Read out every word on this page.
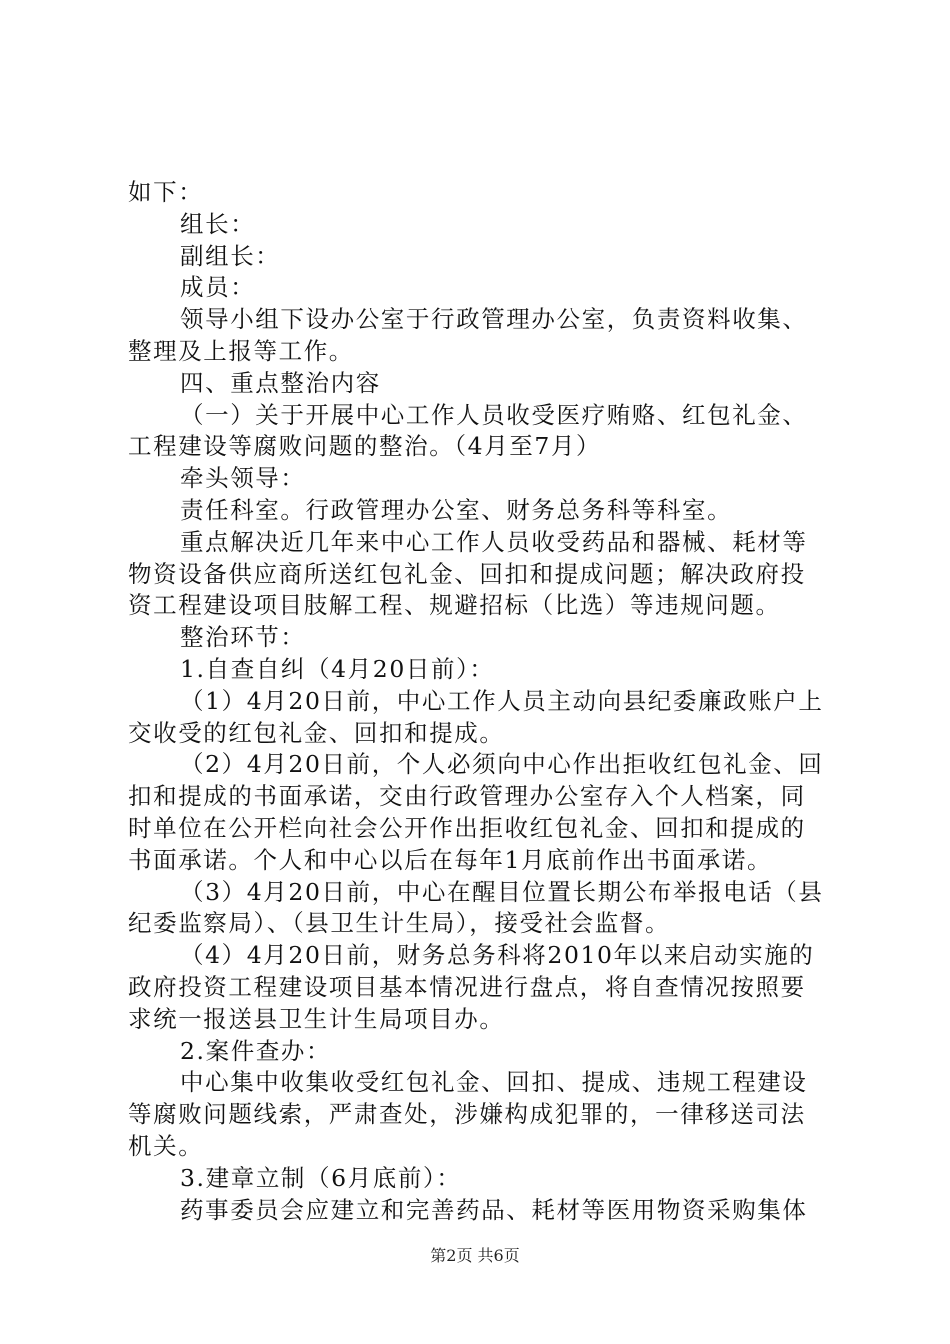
如下：
组长：
副组长：
成员：
领导小组下设办公室于行政管理办公室，负责资料收集、
整理及上报等工作。
四、重点整治内容
（一）关于开展中心工作人员收受医疗贿赂、红包礼金、
工程建设等腐败问题的整治。（4月至7月）
牵头领导：
责任科室。行政管理办公室、财务总务科等科室。
重点解决近几年来中心工作人员收受药品和器械、耗材等
物资设备供应商所送红包礼金、回扣和提成问题；解决政府投
资工程建设项目肢解工程、规避招标（比选）等违规问题。
整治环节：
1.自查自纠（4月20日前）：
（1）4月20日前，中心工作人员主动向县纪委廉政账户上
交收受的红包礼金、回扣和提成。
（2）4月20日前，个人必须向中心作出拒收红包礼金、回
扣和提成的书面承诺，交由行政管理办公室存入个人档案，同
时单位在公开栏向社会公开作出拒收红包礼金、回扣和提成的
书面承诺。个人和中心以后在每年1月底前作出书面承诺。
（3）4月20日前，中心在醒目位置长期公布举报电话（县
纪委监察局）、（县卫生计生局），接受社会监督。
（4）4月20日前，财务总务科将2010年以来启动实施的
政府投资工程建设项目基本情况进行盘点，将自查情况按照要
求统一报送县卫生计生局项目办。
2.案件查办：
中心集中收集收受红包礼金、回扣、提成、违规工程建设
等腐败问题线索，严肃查处，涉嫌构成犯罪的，一律移送司法
机关。
3.建章立制（6月底前）：
药事委员会应建立和完善药品、耗材等医用物资采购集体
第2页 共6页
